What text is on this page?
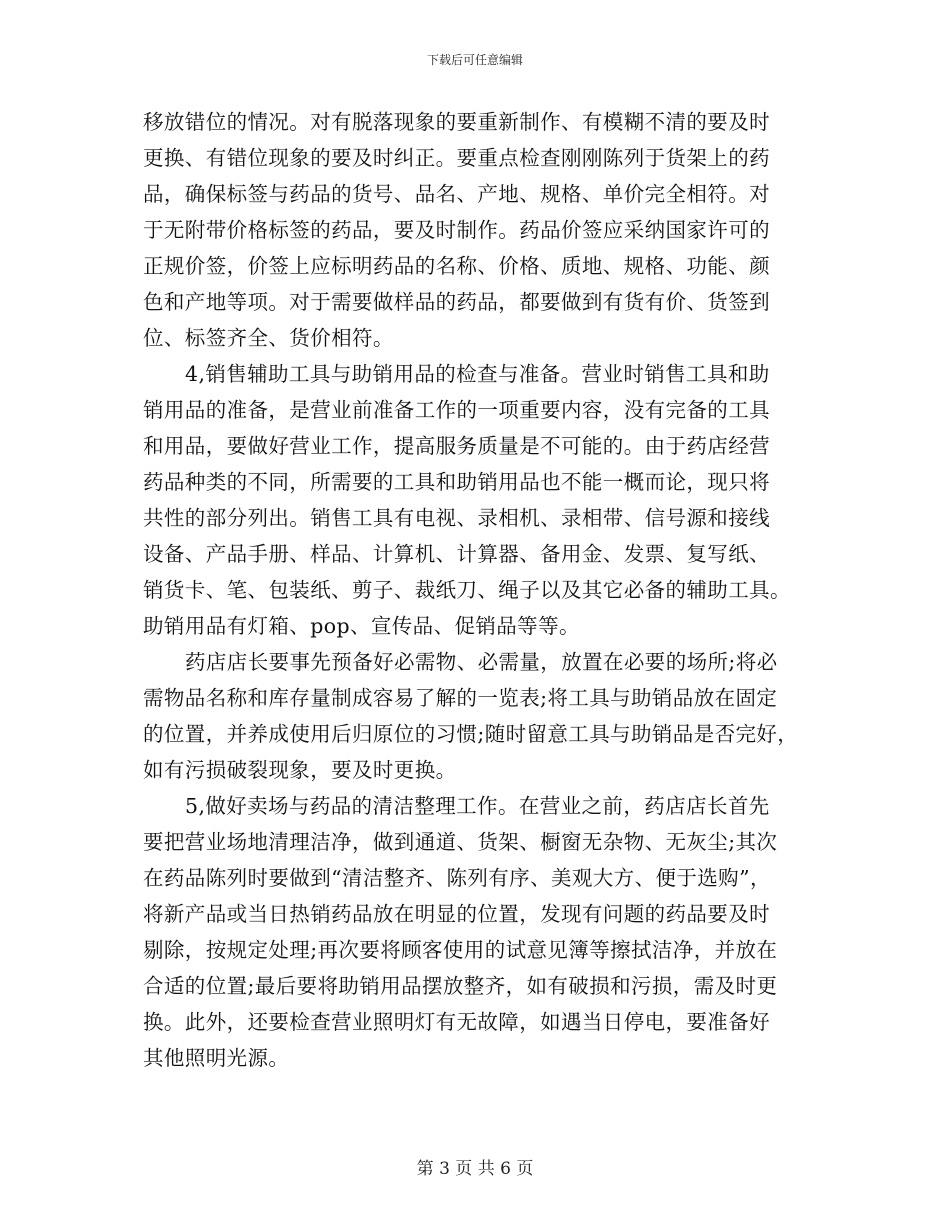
下载后可任意编辑
移放错位的情况。对有脱落现象的要重新制作、有模糊不清的要及时
更换、有错位现象的要及时纠正。要重点检查刚刚陈列于货架上的药
品，确保标签与药品的货号、品名、产地、规格、单价完全相符。对
于无附带价格标签的药品，要及时制作。药品价签应采纳国家许可的
正规价签，价签上应标明药品的名称、价格、质地、规格、功能、颜
色和产地等项。对于需要做样品的药品，都要做到有货有价、货签到
位、标签齐全、货价相符。
4,销售辅助工具与助销用品的检查与准备。营业时销售工具和助
销用品的准备，是营业前准备工作的一项重要内容，没有完备的工具
和用品，要做好营业工作，提高服务质量是不可能的。由于药店经营
药品种类的不同，所需要的工具和助销用品也不能一概而论，现只将
共性的部分列出。销售工具有电视、录相机、录相带、信号源和接线
设备、产品手册、样品、计算机、计算器、备用金、发票、复写纸、
销货卡、笔、包装纸、剪子、裁纸刀、绳子以及其它必备的辅助工具。
助销用品有灯箱、pop、宣传品、促销品等等。
药店店长要事先预备好必需物、必需量，放置在必要的场所;将必
需物品名称和库存量制成容易了解的一览表;将工具与助销品放在固定
的位置，并养成使用后归原位的习惯;随时留意工具与助销品是否完好，
如有污损破裂现象，要及时更换。
5,做好卖场与药品的清洁整理工作。在营业之前，药店店长首先
要把营业场地清理洁净，做到通道、货架、橱窗无杂物、无灰尘;其次
在药品陈列时要做到“清洁整齐、陈列有序、美观大方、便于选购”，
将新产品或当日热销药品放在明显的位置，发现有问题的药品要及时
剔除，按规定处理;再次要将顾客使用的试意见簿等擦拭洁净，并放在
合适的位置;最后要将助销用品摆放整齐，如有破损和污损，需及时更
换。此外，还要检查营业照明灯有无故障，如遇当日停电，要准备好
其他照明光源。
第 3 页 共 6 页
